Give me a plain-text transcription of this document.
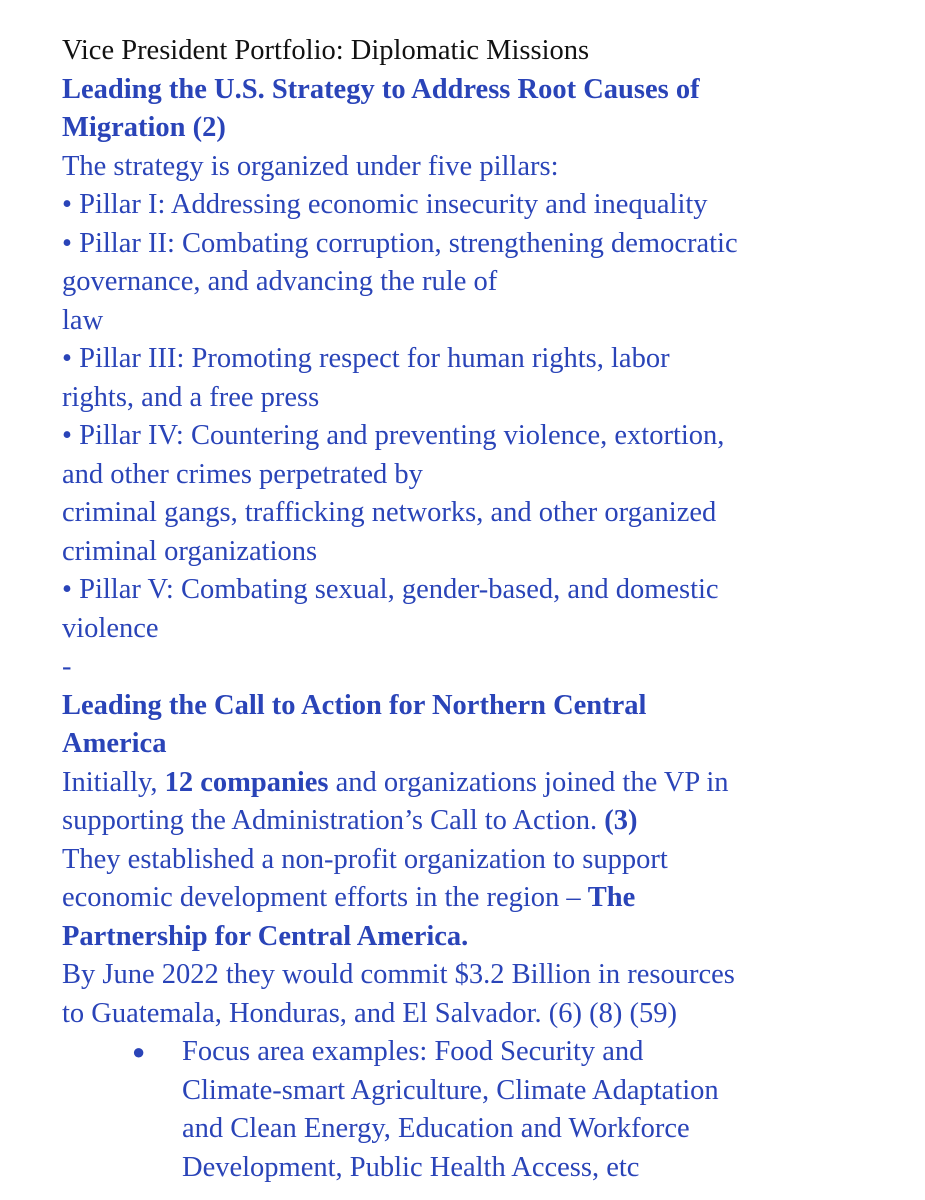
Vice President Portfolio: Diplomatic Missions
Leading the U.S. Strategy to Address Root Causes of
Migration (2)
The strategy is organized under five pillars:
• Pillar I: Addressing economic insecurity and inequality
• Pillar II: Combating corruption, strengthening democratic
governance, and advancing the rule of
law
• Pillar III: Promoting respect for human rights, labor
rights, and a free press
• Pillar IV: Countering and preventing violence, extortion,
and other crimes perpetrated by
criminal gangs, trafficking networks, and other organized
criminal organizations
• Pillar V: Combating sexual, gender-based, and domestic
violence
-
Leading the Call to Action for Northern Central
America
Initially, 12 companies and organizations joined the VP in
supporting the Administration’s Call to Action. (3)
They established a non-profit organization to support
economic development efforts in the region – The
Partnership for Central America.
By June 2022 they would commit $3.2 Billion in resources
to Guatemala, Honduras, and El Salvador. (6) (8) (59)
● Focus area examples: Food Security and
Climate-smart Agriculture, Climate Adaptation
and Clean Energy, Education and Workforce
Development, Public Health Access, etc
